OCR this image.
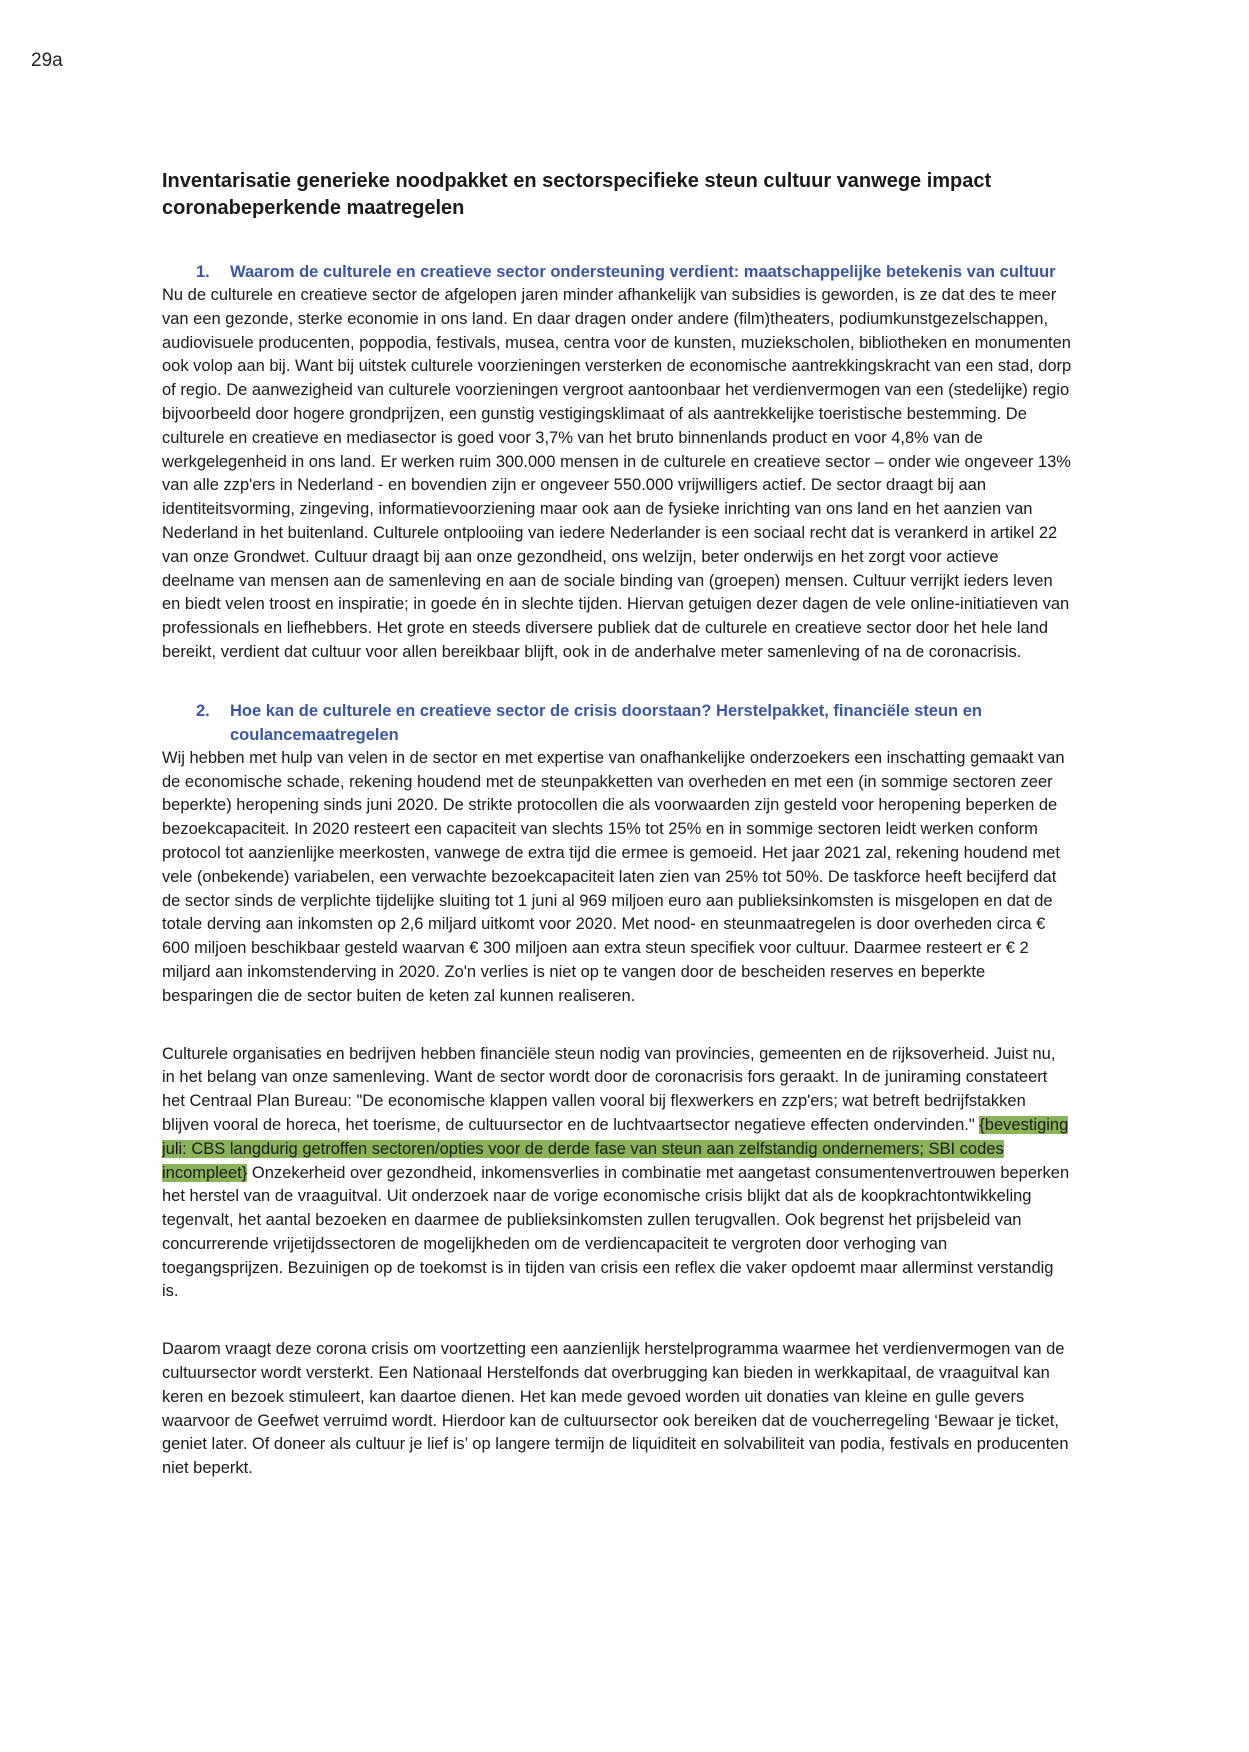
29a
Inventarisatie generieke noodpakket en sectorspecifieke steun cultuur vanwege impact coronabeperkende maatregelen
1.	Waarom de culturele en creatieve sector ondersteuning verdient: maatschappelijke betekenis van cultuur

Nu de culturele en creatieve sector de afgelopen jaren minder afhankelijk van subsidies is geworden, is ze dat des te meer van een gezonde, sterke economie in ons land. En daar dragen onder andere (film)theaters, podiumkunstgezelschappen, audiovisuele producenten, poppodia, festivals, musea, centra voor de kunsten, muziekscholen, bibliotheken en monumenten ook volop aan bij. Want bij uitstek culturele voorzieningen versterken de economische aantrekkingskracht van een stad, dorp of regio. De aanwezigheid van culturele voorzieningen vergroot aantoonbaar het verdienvermogen van een (stedelijke) regio bijvoorbeeld door hogere grondprijzen, een gunstig vestigingsklimaat of als aantrekkelijke toeristische bestemming. De culturele en creatieve en mediasector is goed voor 3,7% van het bruto binnenlands product en voor 4,8% van de werkgelegenheid in ons land. Er werken ruim 300.000 mensen in de culturele en creatieve sector – onder wie ongeveer 13% van alle zzp'ers in Nederland - en bovendien zijn er ongeveer 550.000 vrijwilligers actief. De sector draagt bij aan identiteitsvorming, zingeving, informatievoorziening maar ook aan de fysieke inrichting van ons land en het aanzien van Nederland in het buitenland. Culturele ontplooiing van iedere Nederlander is een sociaal recht dat is verankerd in artikel 22 van onze Grondwet. Cultuur draagt bij aan onze gezondheid, ons welzijn, beter onderwijs en het zorgt voor actieve deelname van mensen aan de samenleving en aan de sociale binding van (groepen) mensen. Cultuur verrijkt ieders leven en biedt velen troost en inspiratie; in goede én in slechte tijden. Hiervan getuigen dezer dagen de vele online-initiatieven van professionals en liefhebbers. Het grote en steeds diversere publiek dat de culturele en creatieve sector door het hele land bereikt, verdient dat cultuur voor allen bereikbaar blijft, ook in de anderhalve meter samenleving of na de coronacrisis.

2.	Hoe kan de culturele en creatieve sector de crisis doorstaan? Herstelpakket, financiële steun en coulancemaatregelen

Wij hebben met hulp van velen in de sector en met expertise van onafhankelijke onderzoekers een inschatting gemaakt van de economische schade, rekening houdend met de steunpakketten van overheden en met een (in sommige sectoren zeer beperkte) heropening sinds juni 2020. De strikte protocollen die als voorwaarden zijn gesteld voor heropening beperken de bezoekcapaciteit. In 2020 resteert een capaciteit van slechts 15% tot 25% en in sommige sectoren leidt werken conform protocol tot aanzienlijke meerkosten, vanwege de extra tijd die ermee is gemoeid. Het jaar 2021 zal, rekening houdend met vele (onbekende) variabelen, een verwachte bezoekcapaciteit laten zien van 25% tot 50%. De taskforce heeft becijferd dat de sector sinds de verplichte tijdelijke sluiting tot 1 juni al 969 miljoen euro aan publieksinkomsten is misgelopen en dat de totale derving aan inkomsten op 2,6 miljard uitkomt voor 2020. Met nood- en steunmaatregelen is door overheden circa € 600 miljoen beschikbaar gesteld waarvan € 300 miljoen aan extra steun specifiek voor cultuur. Daarmee resteert er € 2 miljard aan inkomstenderving in 2020. Zo'n verlies is niet op te vangen door de bescheiden reserves en beperkte besparingen die de sector buiten de keten zal kunnen realiseren.

Culturele organisaties en bedrijven hebben financiële steun nodig van provincies, gemeenten en de rijksoverheid. Juist nu, in het belang van onze samenleving. Want de sector wordt door de coronacrisis fors geraakt. In de juniraming constateert het Centraal Plan Bureau: "De economische klappen vallen vooral bij flexwerkers en zzp'ers; wat betreft bedrijfstakken blijven vooral de horeca, het toerisme, de cultuursector en de luchtvaartsector negatieve effecten ondervinden." {bevestiging juli: CBS langdurig getroffen sectoren/opties voor de derde fase van steun aan zelfstandig ondernemers; SBI codes incompleet} Onzekerheid over gezondheid, inkomensverlies in combinatie met aangetast consumentenvertrouwen beperken het herstel van de vraaguitval. Uit onderzoek naar de vorige economische crisis blijkt dat als de koopkrachtontwikkeling tegenvalt, het aantal bezoeken en daarmee de publieksinkomsten zullen terugvallen. Ook begrenst het prijsbeleid van concurrerende vrijetijdssectoren de mogelijkheden om de verdiencapaciteit te vergroten door verhoging van toegangsprijzen. Bezuinigen op de toekomst is in tijden van crisis een reflex die vaker opdoemt maar allerminst verstandig is.

Daarom vraagt deze corona crisis om voortzetting een aanzienlijk herstelprogramma waarmee het verdienvermogen van de cultuursector wordt versterkt. Een Nationaal Herstelfonds dat overbrugging kan bieden in werkkapitaal, de vraaguitval kan keren en bezoek stimuleert, kan daartoe dienen. Het kan mede gevoed worden uit donaties van kleine en gulle gevers waarvoor de Geefwet verruimd wordt. Hierdoor kan de cultuursector ook bereiken dat de voucherregeling ‘Bewaar je ticket, geniet later. Of doneer als cultuur je lief is’ op langere termijn de liquiditeit en solvabiliteit van podia, festivals en producenten niet beperkt.
